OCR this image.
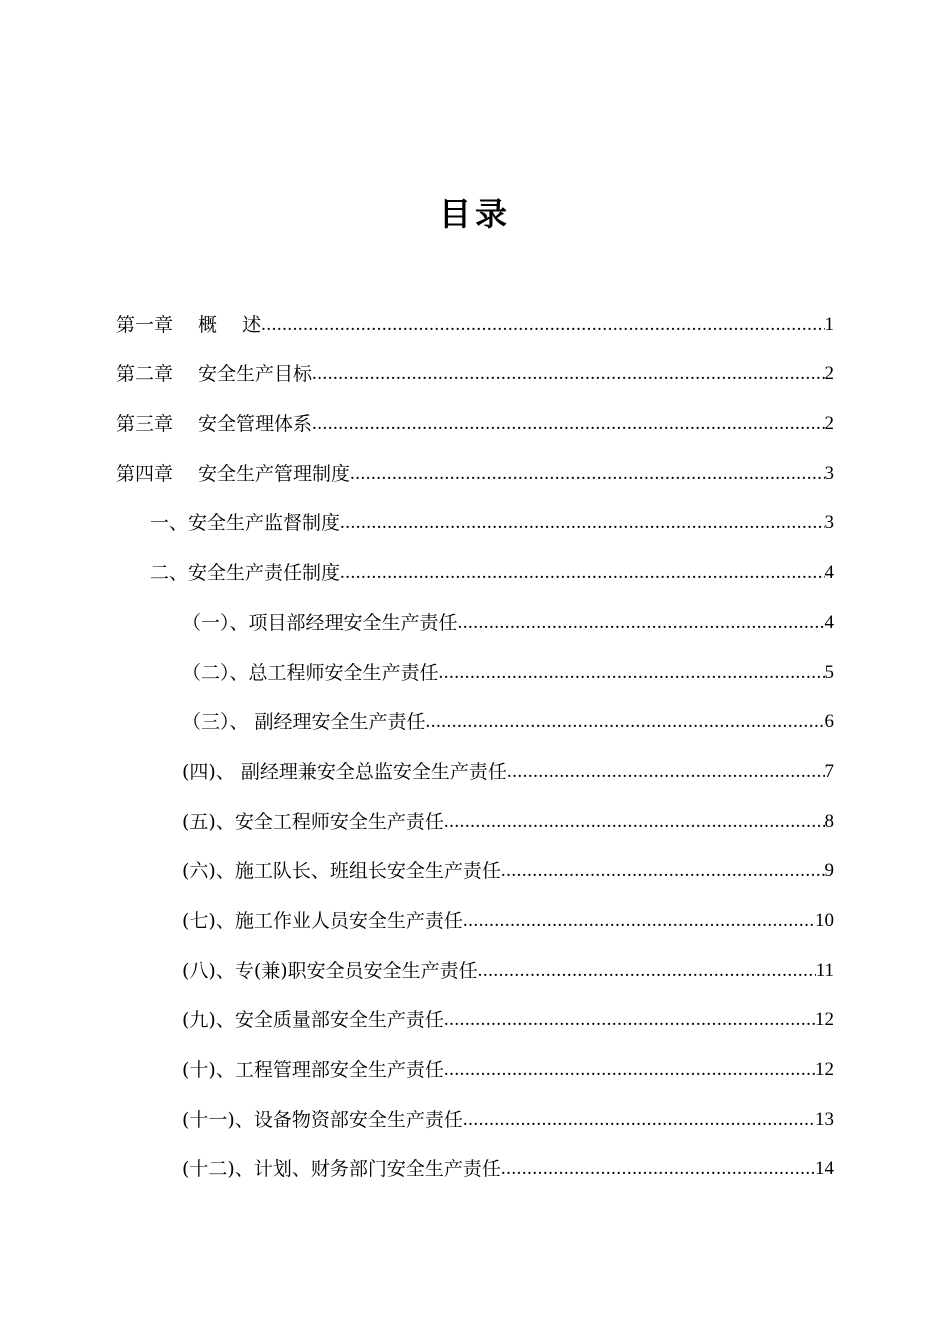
目录
第一章　 概　 述 .....	1
第二章　 安全生产目标 .....	2
第三章　 安全管理体系 .....	2
第四章　 安全生产管理制度 .....	3
一、安全生产监督制度 .....	3
二、安全生产责任制度 .....	4
（一）、项目部经理安全生产责任 .....	4
（二）、总工程师安全生产责任 .....	5
（三）、 副经理安全生产责任 .....	6
(四)、 副经理兼安全总监安全生产责任 .....	7
(五)、安全工程师安全生产责任 .....	8
(六)、施工队长、班组长安全生产责任 .....	9
(七)、施工作业人员安全生产责任 .....	10
(八)、专(兼)职安全员安全生产责任 .....	11
(九)、安全质量部安全生产责任 .....	12
(十)、工程管理部安全生产责任 .....	12
(十一)、设备物资部安全生产责任 .....	13
(十二)、计划、财务部门安全生产责任 .....	14
